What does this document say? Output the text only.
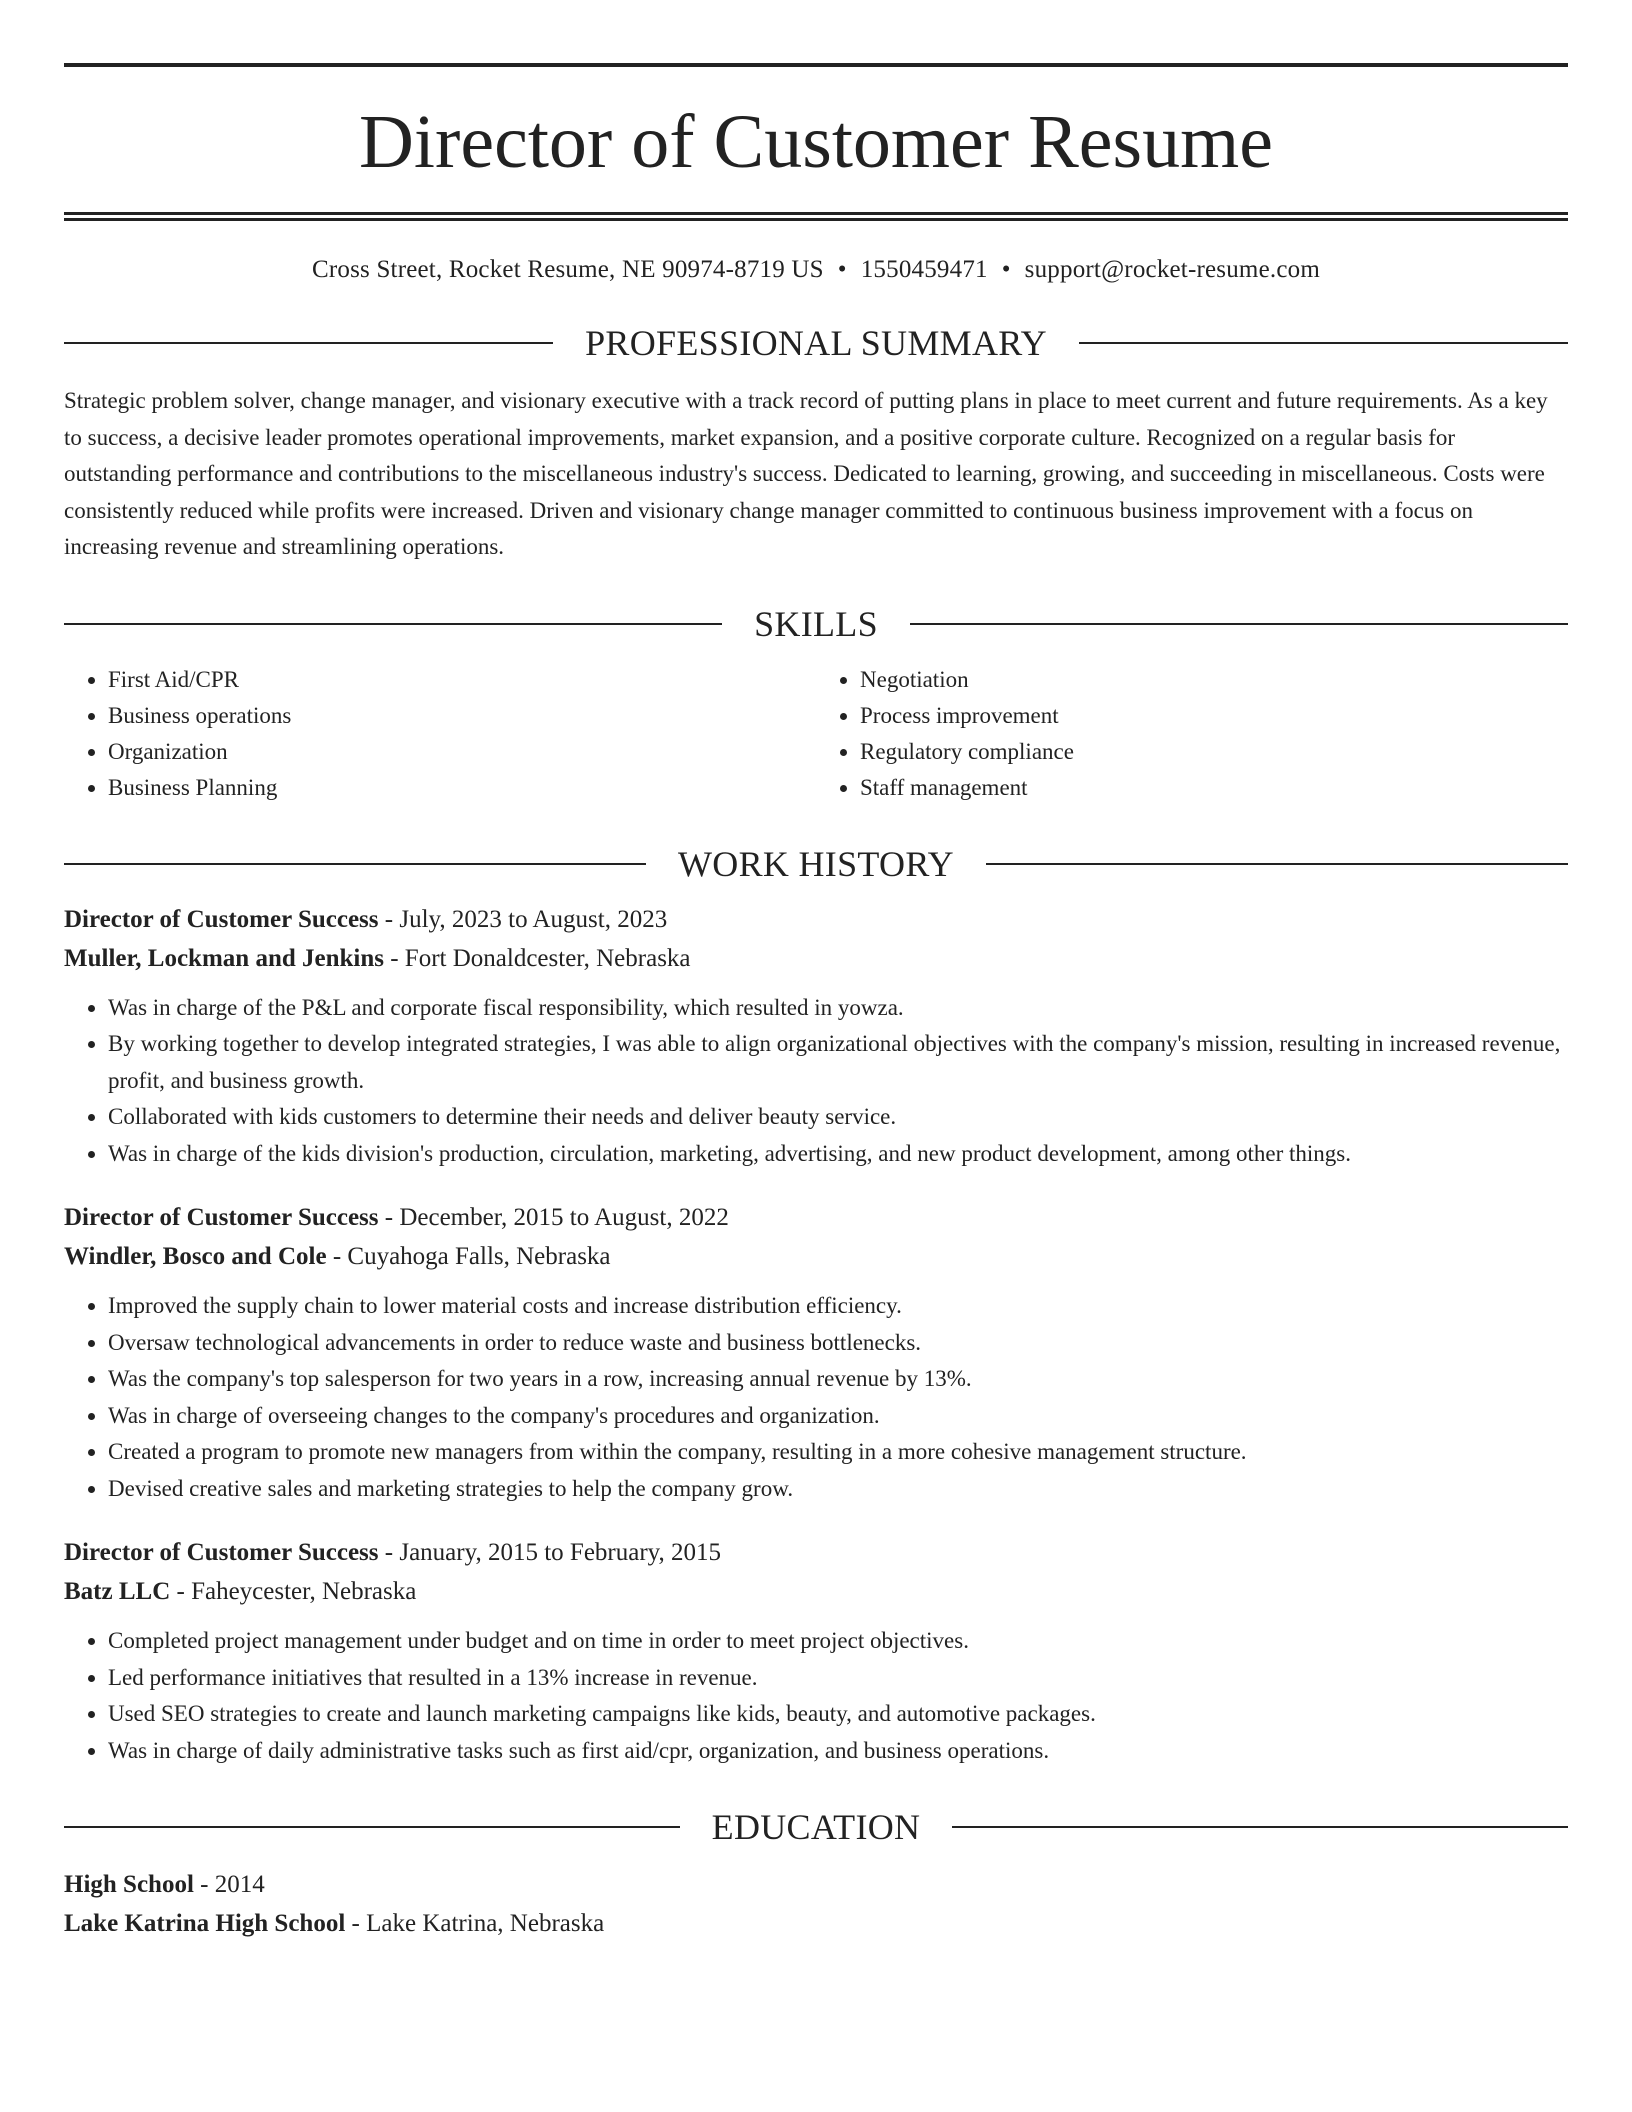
Director of Customer Resume
Cross Street, Rocket Resume, NE 90974-8719 US • 1550459471 • support@rocket-resume.com
PROFESSIONAL SUMMARY
Strategic problem solver, change manager, and visionary executive with a track record of putting plans in place to meet current and future requirements. As a key to success, a decisive leader promotes operational improvements, market expansion, and a positive corporate culture. Recognized on a regular basis for outstanding performance and contributions to the miscellaneous industry's success. Dedicated to learning, growing, and succeeding in miscellaneous. Costs were consistently reduced while profits were increased. Driven and visionary change manager committed to continuous business improvement with a focus on increasing revenue and streamlining operations.
SKILLS
• First Aid/CPR
• Business operations
• Organization
• Business Planning
• Negotiation
• Process improvement
• Regulatory compliance
• Staff management
WORK HISTORY
Director of Customer Success - July, 2023 to August, 2023
Muller, Lockman and Jenkins - Fort Donaldcester, Nebraska
• Was in charge of the P&L and corporate fiscal responsibility, which resulted in yowza.
• By working together to develop integrated strategies, I was able to align organizational objectives with the company's mission, resulting in increased revenue, profit, and business growth.
• Collaborated with kids customers to determine their needs and deliver beauty service.
• Was in charge of the kids division's production, circulation, marketing, advertising, and new product development, among other things.
Director of Customer Success - December, 2015 to August, 2022
Windler, Bosco and Cole - Cuyahoga Falls, Nebraska
• Improved the supply chain to lower material costs and increase distribution efficiency.
• Oversaw technological advancements in order to reduce waste and business bottlenecks.
• Was the company's top salesperson for two years in a row, increasing annual revenue by 13%.
• Was in charge of overseeing changes to the company's procedures and organization.
• Created a program to promote new managers from within the company, resulting in a more cohesive management structure.
• Devised creative sales and marketing strategies to help the company grow.
Director of Customer Success - January, 2015 to February, 2015
Batz LLC - Faheycester, Nebraska
• Completed project management under budget and on time in order to meet project objectives.
• Led performance initiatives that resulted in a 13% increase in revenue.
• Used SEO strategies to create and launch marketing campaigns like kids, beauty, and automotive packages.
• Was in charge of daily administrative tasks such as first aid/cpr, organization, and business operations.
EDUCATION
High School - 2014
Lake Katrina High School - Lake Katrina, Nebraska
